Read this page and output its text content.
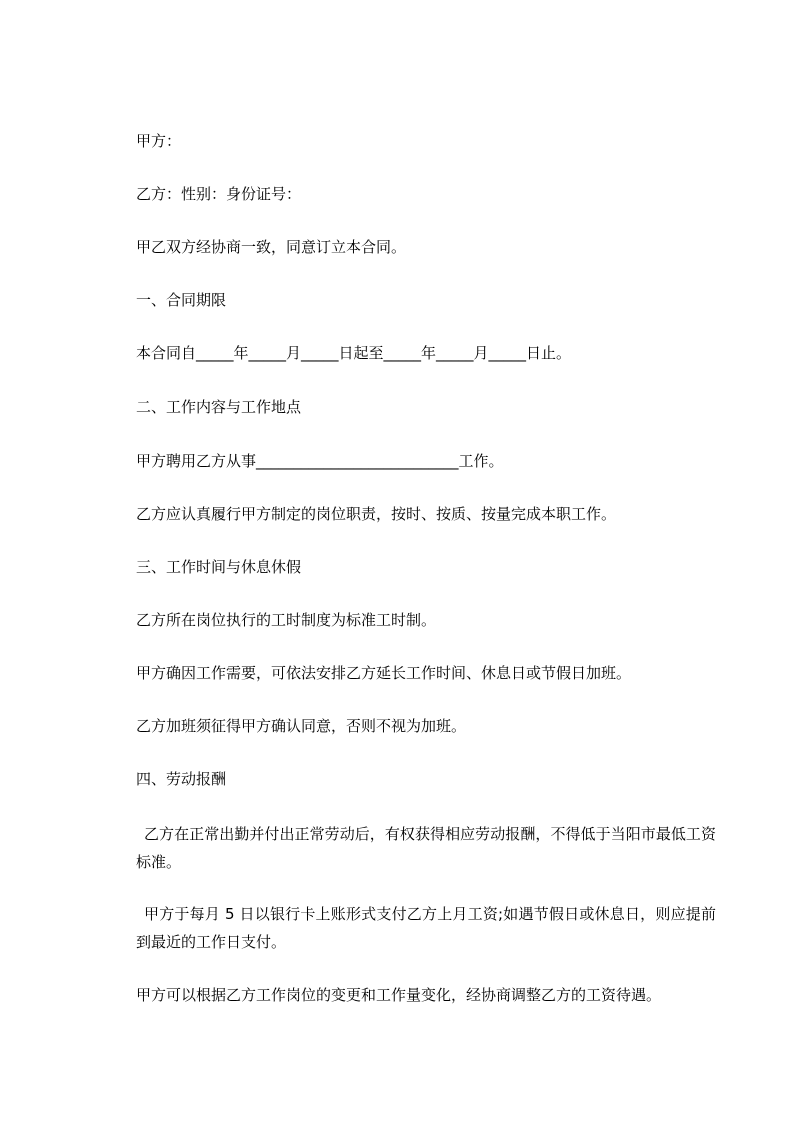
甲方：

乙方：性别：身份证号：

甲乙双方经协商一致，同意订立本合同。

一、合同期限

本合同自_____年_____月_____日起至_____年_____月_____日止。

二、工作内容与工作地点

甲方聘用乙方从事___________________________工作。

乙方应认真履行甲方制定的岗位职责，按时、按质、按量完成本职工作。

三、工作时间与休息休假

乙方所在岗位执行的工时制度为标准工时制。

甲方确因工作需要，可依法安排乙方延长工作时间、休息日或节假日加班。

乙方加班须征得甲方确认同意，否则不视为加班。

四、劳动报酬

乙方在正常出勤并付出正常劳动后，有权获得相应劳动报酬，不得低于当阳市最低工资标准。

甲方于每月 5 日以银行卡上账形式支付乙方上月工资;如遇节假日或休息日，则应提前到最近的工作日支付。

甲方可以根据乙方工作岗位的变更和工作量变化，经协商调整乙方的工资待遇。
